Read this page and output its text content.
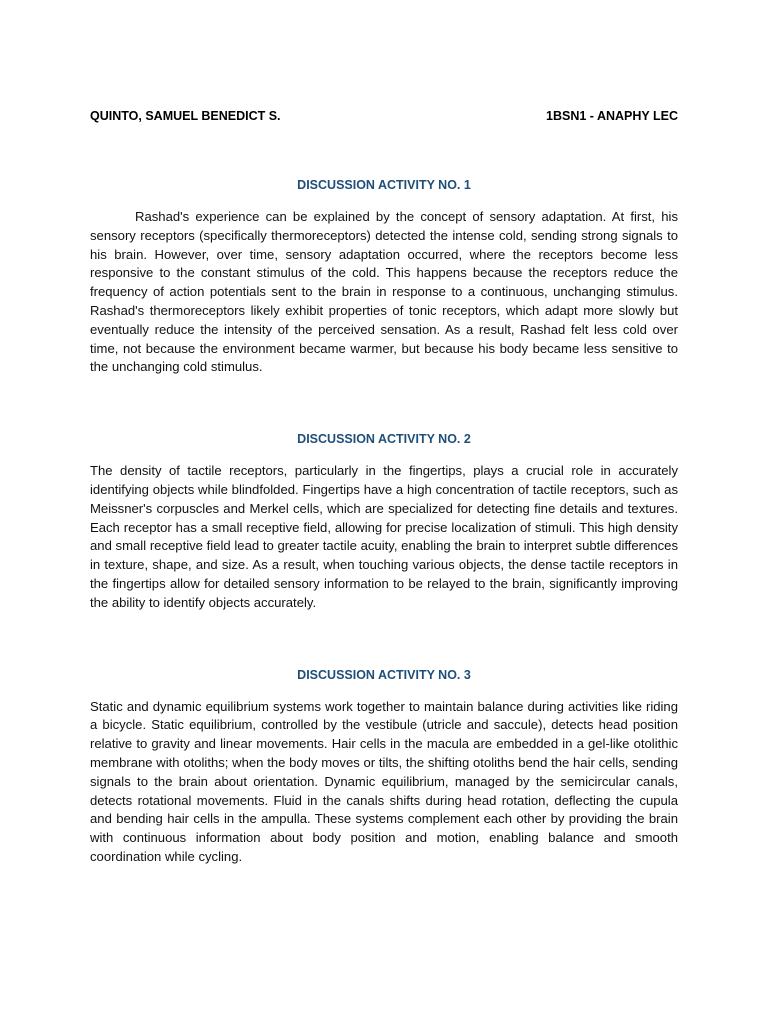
QUINTO, SAMUEL BENEDICT S.	1BSN1 - ANAPHY LEC
DISCUSSION ACTIVITY NO. 1

Rashad's experience can be explained by the concept of sensory adaptation. At first, his sensory receptors (specifically thermoreceptors) detected the intense cold, sending strong signals to his brain. However, over time, sensory adaptation occurred, where the receptors become less responsive to the constant stimulus of the cold. This happens because the receptors reduce the frequency of action potentials sent to the brain in response to a continuous, unchanging stimulus. Rashad's thermoreceptors likely exhibit properties of tonic receptors, which adapt more slowly but eventually reduce the intensity of the perceived sensation. As a result, Rashad felt less cold over time, not because the environment became warmer, but because his body became less sensitive to the unchanging cold stimulus.

DISCUSSION ACTIVITY NO. 2

The density of tactile receptors, particularly in the fingertips, plays a crucial role in accurately identifying objects while blindfolded. Fingertips have a high concentration of tactile receptors, such as Meissner's corpuscles and Merkel cells, which are specialized for detecting fine details and textures. Each receptor has a small receptive field, allowing for precise localization of stimuli. This high density and small receptive field lead to greater tactile acuity, enabling the brain to interpret subtle differences in texture, shape, and size. As a result, when touching various objects, the dense tactile receptors in the fingertips allow for detailed sensory information to be relayed to the brain, significantly improving the ability to identify objects accurately.

DISCUSSION ACTIVITY NO. 3

Static and dynamic equilibrium systems work together to maintain balance during activities like riding a bicycle. Static equilibrium, controlled by the vestibule (utricle and saccule), detects head position relative to gravity and linear movements. Hair cells in the macula are embedded in a gel-like otolithic membrane with otoliths; when the body moves or tilts, the shifting otoliths bend the hair cells, sending signals to the brain about orientation. Dynamic equilibrium, managed by the semicircular canals, detects rotational movements. Fluid in the canals shifts during head rotation, deflecting the cupula and bending hair cells in the ampulla. These systems complement each other by providing the brain with continuous information about body position and motion, enabling balance and smooth coordination while cycling.
